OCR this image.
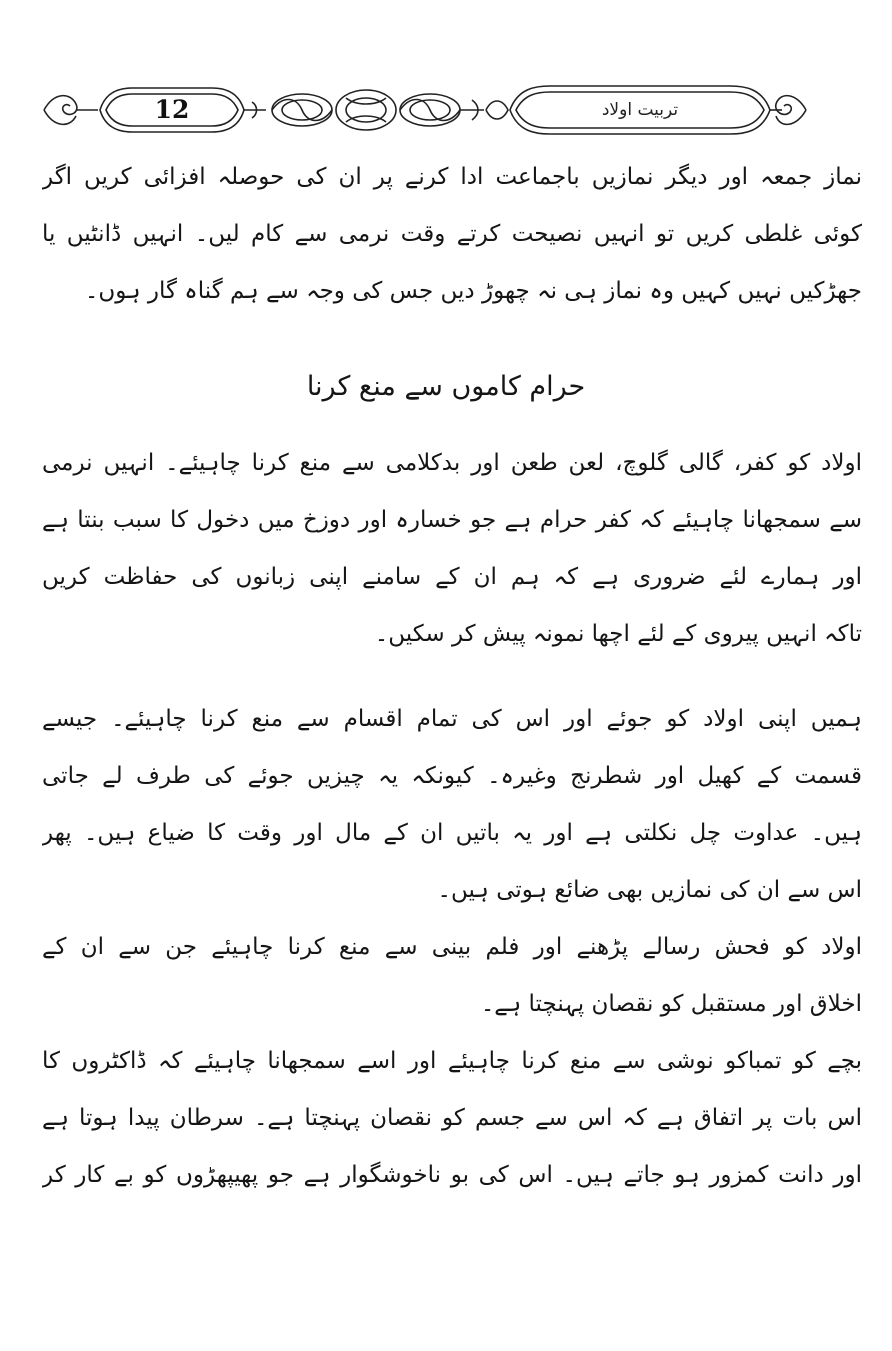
12	تربیت اولاد
نماز جمعہ اور دیگر نمازیں باجماعت ادا کرنے پر ان کی حوصلہ افزائی کریں اگر
کوئی غلطی کریں تو انہیں نصیحت کرتے وقت نرمی سے کام لیں۔ انہیں ڈانٹیں یا
جھڑکیں نہیں کہیں وہ نماز ہی نہ چھوڑ دیں جس کی وجہ سے ہم گناہ گار ہوں۔
حرام کاموں سے منع کرنا
اولاد کو کفر، گالی گلوچ، لعن طعن اور بدکلامی سے منع کرنا چاہیئے۔ انہیں نرمی
سے سمجھانا چاہیئے کہ کفر حرام ہے جو خسارہ اور دوزخ میں دخول کا سبب بنتا ہے
اور ہمارے لئے ضروری ہے کہ ہم ان کے سامنے اپنی زبانوں کی حفاظت کریں
تاکہ انہیں پیروی کے لئے اچھا نمونہ پیش کر سکیں۔
ہمیں اپنی اولاد کو جوئے اور اس کی تمام اقسام سے منع کرنا چاہیئے۔ جیسے
قسمت کے کھیل اور شطرنج وغیرہ۔ کیونکہ یہ چیزیں جوئے کی طرف لے جاتی
ہیں۔ عداوت چل نکلتی ہے اور یہ باتیں ان کے مال اور وقت کا ضیاع ہیں۔ پھر
اس سے ان کی نمازیں بھی ضائع ہوتی ہیں۔
اولاد کو فحش رسالے پڑھنے اور فلم بینی سے منع کرنا چاہیئے جن سے ان کے
اخلاق اور مستقبل کو نقصان پہنچتا ہے۔
بچے کو تمباکو نوشی سے منع کرنا چاہیئے اور اسے سمجھانا چاہیئے کہ ڈاکٹروں کا
اس بات پر اتفاق ہے کہ اس سے جسم کو نقصان پہنچتا ہے۔ سرطان پیدا ہوتا ہے
اور دانت کمزور ہو جاتے ہیں۔ اس کی بو ناخوشگوار ہے جو پھیپھڑوں کو بے کار کر
